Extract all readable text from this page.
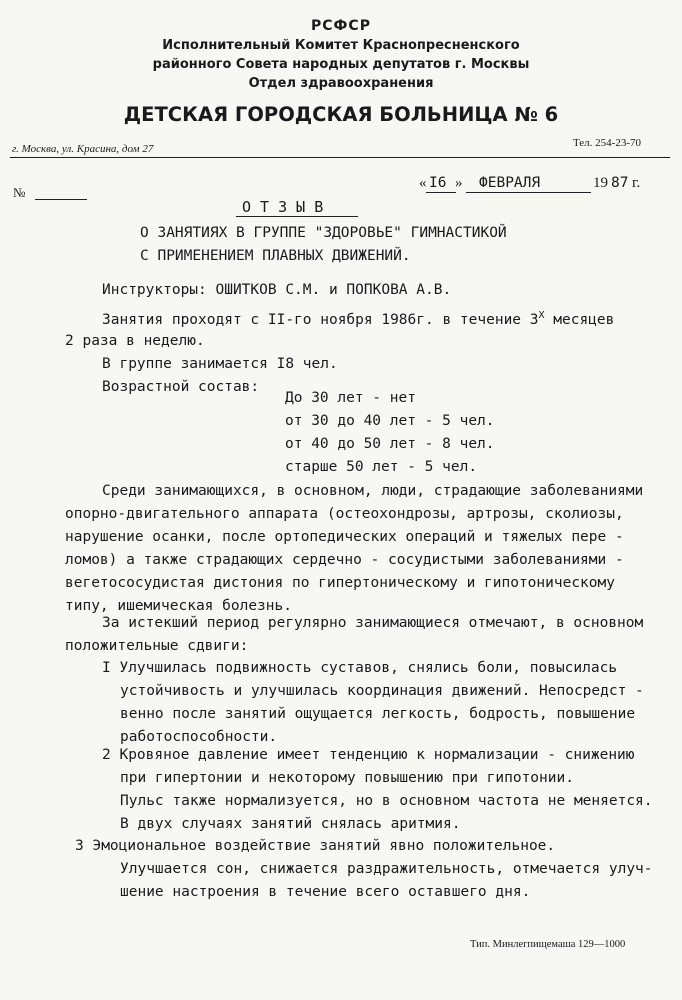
РСФСР
Исполнительный Комитет Краснопресненского
районного Совета народных депутатов г. Москвы
Отдел здравоохранения
ДЕТСКАЯ ГОРОДСКАЯ БОЛЬНИЦА № 6
г. Москва, ул. Красина, дом 27	Тел. 254-23-70
№
« I6 » ФЕВРАЛЯ	19 87 г.
О Т З Ы В
О ЗАНЯТИЯХ В ГРУППЕ "ЗДОРОВЬЕ" ГИМНАСТИКОЙ
С ПРИМЕНЕНИЕМ ПЛАВНЫХ ДВИЖЕНИЙ.
Инструкторы: ОШИТКОВ С.М. и ПОПКОВА А.В.
Занятия проходят с II-го ноября 1986г. в течение $3^Х$ месяцев
2 раза в неделю.
В группе занимается I8 чел.
Возрастной состав:
До 30 лет - нет
от 30 до 40 лет - 5 чел.
от 40 до 50 лет - 8 чел.
старше 50 лет - 5 чел.
Среди занимающихся, в основном, люди, страдающие заболеваниями
опорно-двигательного аппарата (остеохондрозы, артрозы, сколиозы,
нарушение осанки, после ортопедических операций и тяжелых пере -
ломов) а также страдающих сердечно - сосудистыми заболеваниями -
вегетососудистая дистония по гипертоническому и гипотоническому
типу, ишемическая болезнь.
За истекший период регулярно занимающиеся отмечают, в основном
положительные сдвиги:
I Улучшилась подвижность суставов, снялись боли, повысилась
устойчивость и улучшилась координация движений. Непосредст -
венно после занятий ощущается легкость, бодрость, повышение
работоспособности.
2 Кровяное давление имеет тенденцию к нормализации - снижению
при гипертонии и некоторому повышению при гипотонии.
Пульс также нормализуется, но в основном частота не меняется.
В двух случаях занятий снялась аритмия.
3 Эмоциональное воздействие занятий явно положительное.
Улучшается сон, снижается раздражительность, отмечается улуч-
шение настроения в течение всего оставшего дня.
Тип. Минлегпищемаша 129—1000
